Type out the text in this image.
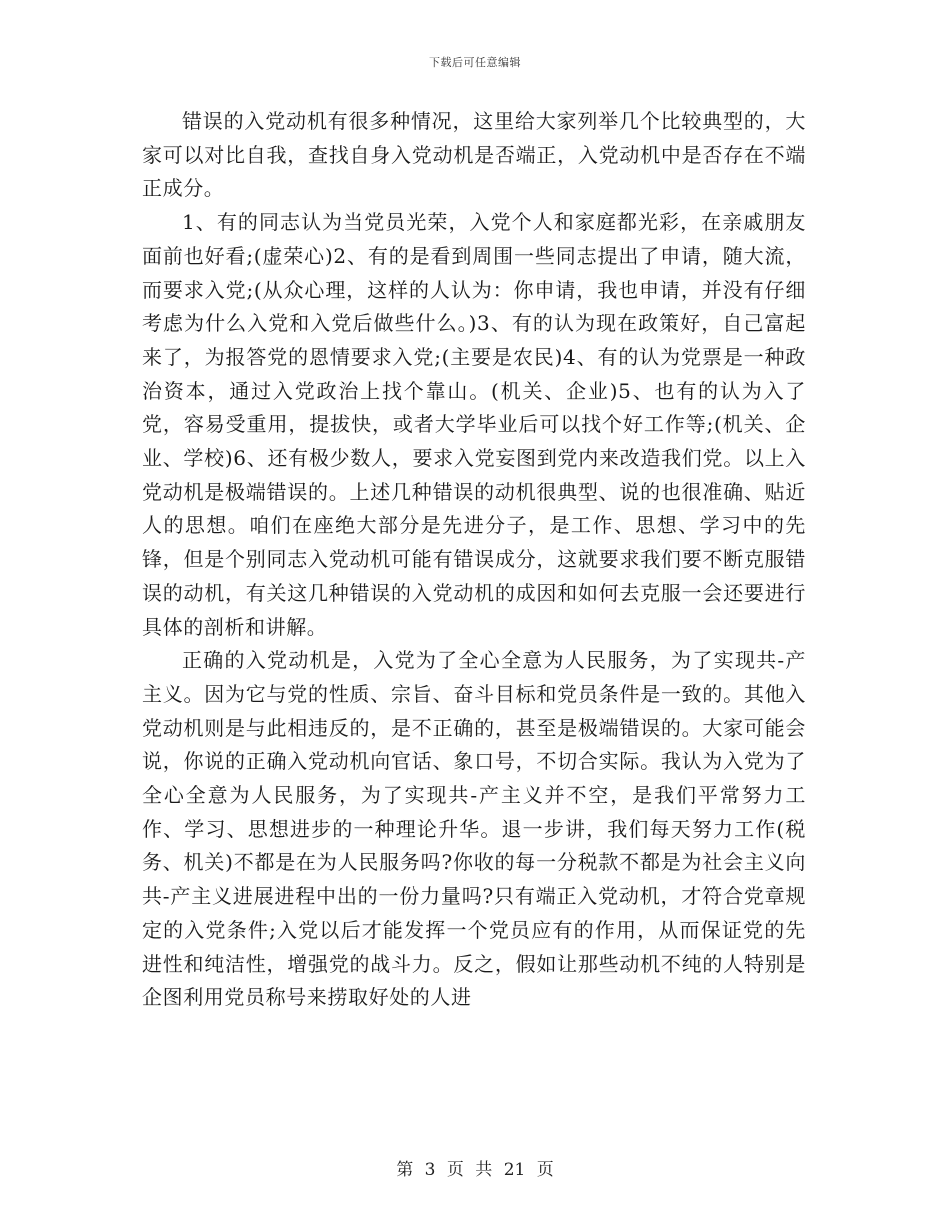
下载后可任意编辑

错误的入党动机有很多种情况，这里给大家列举几个比较典型的，大家可以对比自我，查找自身入党动机是否端正，入党动机中是否存在不端正成分。

1、有的同志认为当党员光荣，入党个人和家庭都光彩，在亲戚朋友面前也好看;(虚荣心)2、有的是看到周围一些同志提出了申请，随大流，而要求入党;(从众心理，这样的人认为：你申请，我也申请，并没有仔细考虑为什么入党和入党后做些什么。)3、有的认为现在政策好，自己富起来了，为报答党的恩情要求入党;(主要是农民)4、有的认为党票是一种政治资本，通过入党政治上找个靠山。(机关、企业)5、也有的认为入了党，容易受重用，提拔快，或者大学毕业后可以找个好工作等;(机关、企业、学校)6、还有极少数人，要求入党妄图到党内来改造我们党。以上入党动机是极端错误的。上述几种错误的动机很典型、说的也很准确、贴近人的思想。咱们在座绝大部分是先进分子，是工作、思想、学习中的先锋，但是个别同志入党动机可能有错误成分，这就要求我们要不断克服错误的动机，有关这几种错误的入党动机的成因和如何去克服一会还要进行具体的剖析和讲解。

正确的入党动机是，入党为了全心全意为人民服务，为了实现共-产主义。因为它与党的性质、宗旨、奋斗目标和党员条件是一致的。其他入党动机则是与此相违反的，是不正确的，甚至是极端错误的。大家可能会说，你说的正确入党动机向官话、象口号，不切合实际。我认为入党为了全心全意为人民服务，为了实现共-产主义并不空，是我们平常努力工作、学习、思想进步的一种理论升华。退一步讲，我们每天努力工作(税务、机关)不都是在为人民服务吗?你收的每一分税款不都是为社会主义向共-产主义进展进程中出的一份力量吗?只有端正入党动机，才符合党章规定的入党条件;入党以后才能发挥一个党员应有的作用，从而保证党的先进性和纯洁性，增强党的战斗力。反之，假如让那些动机不纯的人特别是企图利用党员称号来捞取好处的人进

第 3 页 共 21 页
